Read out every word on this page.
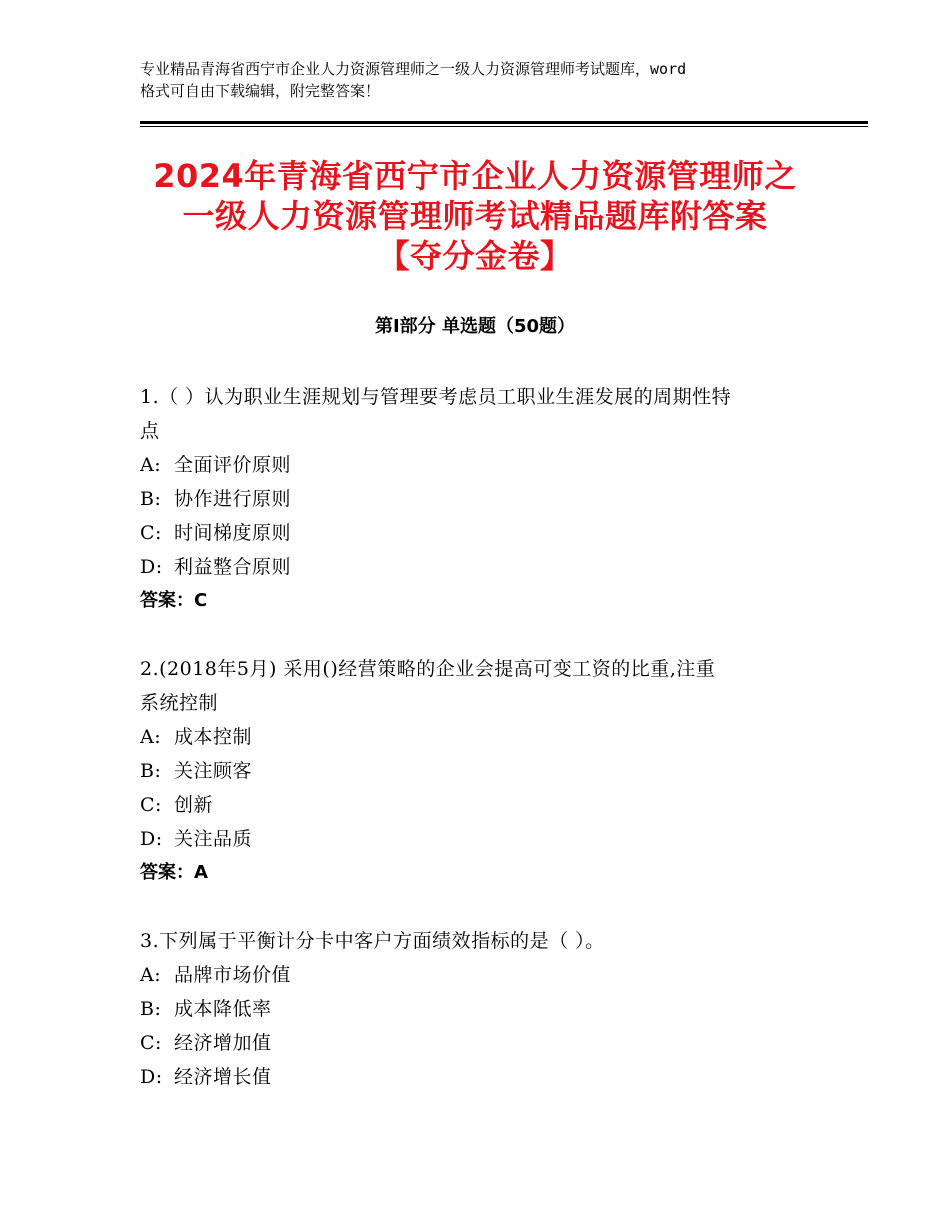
专业精品青海省西宁市企业人力资源管理师之一级人力资源管理师考试题库，word
格式可自由下载编辑，附完整答案！
2024年青海省西宁市企业人力资源管理师之
一级人力资源管理师考试精品题库附答案
【夺分金卷】
第Ⅰ部分 单选题（50题）

1.（ ）认为职业生涯规划与管理要考虑员工职业生涯发展的周期性特
点

A: 全面评价原则
B: 协作进行原则
C: 时间梯度原则
D: 利益整合原则
答案：C

2.(2018年5月) 采用()经营策略的企业会提高可变工资的比重,注重
系统控制

A: 成本控制
B: 关注顾客
C: 创新
D: 关注品质
答案：A

3.下列属于平衡计分卡中客户方面绩效指标的是（ ）。

A: 品牌市场价值
B: 成本降低率
C: 经济增加值
D: 经济增长值
